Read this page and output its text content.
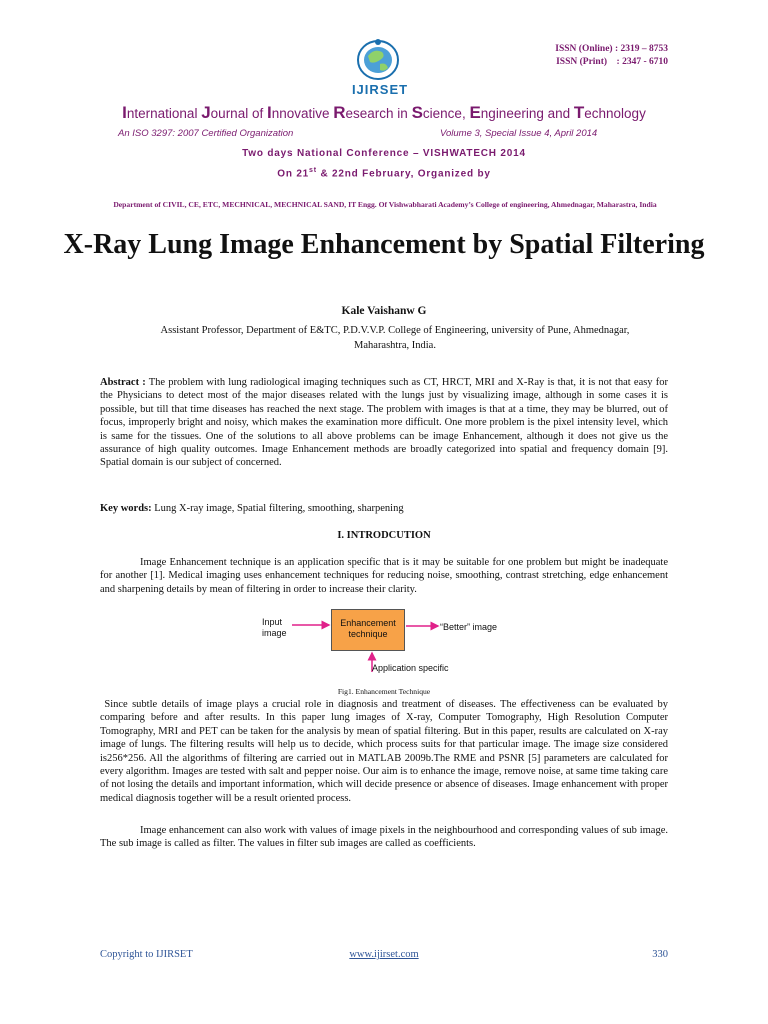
IJIRSET
ISSN (Online) : 2319 – 8753
ISSN (Print)    : 2347 - 6710
International Journal of Innovative Research in Science, Engineering and Technology
An ISO 3297: 2007 Certified Organization	Volume 3, Special Issue 4, April 2014
Two days National Conference – VISHWATECH 2014
On 21st & 22nd February, Organized by
Department of CIVIL, CE, ETC, MECHNICAL, MECHNICAL SAND, IT Engg. Of Vishwabharati Academy’s College of engineering, Ahmednagar, Maharastra, India
X-Ray Lung Image Enhancement by Spatial Filtering
Kale Vaishanw G
Assistant Professor, Department of E&TC, P.D.V.V.P. College of Engineering, university of Pune, Ahmednagar, Maharashtra, India.
Abstract : The problem with lung radiological imaging techniques such as CT, HRCT, MRI and X-Ray is that, it is not that easy for the Physicians to detect most of the major diseases related with the lungs just by visualizing image, although in some cases it is possible, but till that time diseases has reached the next stage. The problem with images is that at a time, they may be blurred, out of focus, improperly bright and noisy, which makes the examination more difficult. One more problem is the pixel intensity level, which is same for the tissues. One of the solutions to all above problems can be image Enhancement, although it does not give us the assurance of high quality outcomes. Image Enhancement methods are broadly categorized into spatial and frequency domain [9]. Spatial domain is our subject of concerned.
Key words: Lung X-ray image, Spatial filtering, smoothing, sharpening
I. INTRODCUTION
Image Enhancement technique is an application specific that is it may be suitable for one problem but might be inadequate for another [1]. Medical imaging uses enhancement techniques for reducing noise, smoothing, contrast stretching, edge enhancement and sharpening details by mean of filtering in order to increase their clarity.
Input image
Enhancement technique
“Better” image
Application specific
Fig1. Enhancement Technique
Since subtle details of image plays a crucial role in diagnosis and treatment of diseases. The effectiveness can be evaluated by comparing before and after results. In this paper lung images of X-ray, Computer Tomography, High Resolution Computer Tomography, MRI and PET can be taken for the analysis by mean of spatial filtering. But in this paper, results are calculated on X-ray image of lungs. The filtering results will help us to decide, which process suits for that particular image. The image size considered is256*256. All the algorithms of filtering are carried out in MATLAB 2009b.The RME and PSNR [5] parameters are calculated for every algorithm. Images are tested with salt and pepper noise. Our aim is to enhance the image, remove noise, at same time taking care of not losing the details and important information, which will decide presence or absence of diseases. Image enhancement with proper medical diagnosis together will be a result oriented process.
Image enhancement can also work with values of image pixels in the neighbourhood and corresponding values of sub image. The sub image is called as filter. The values in filter sub images are called as coefficients.
Copyright to IJIRSET	www.ijirset.com	330
